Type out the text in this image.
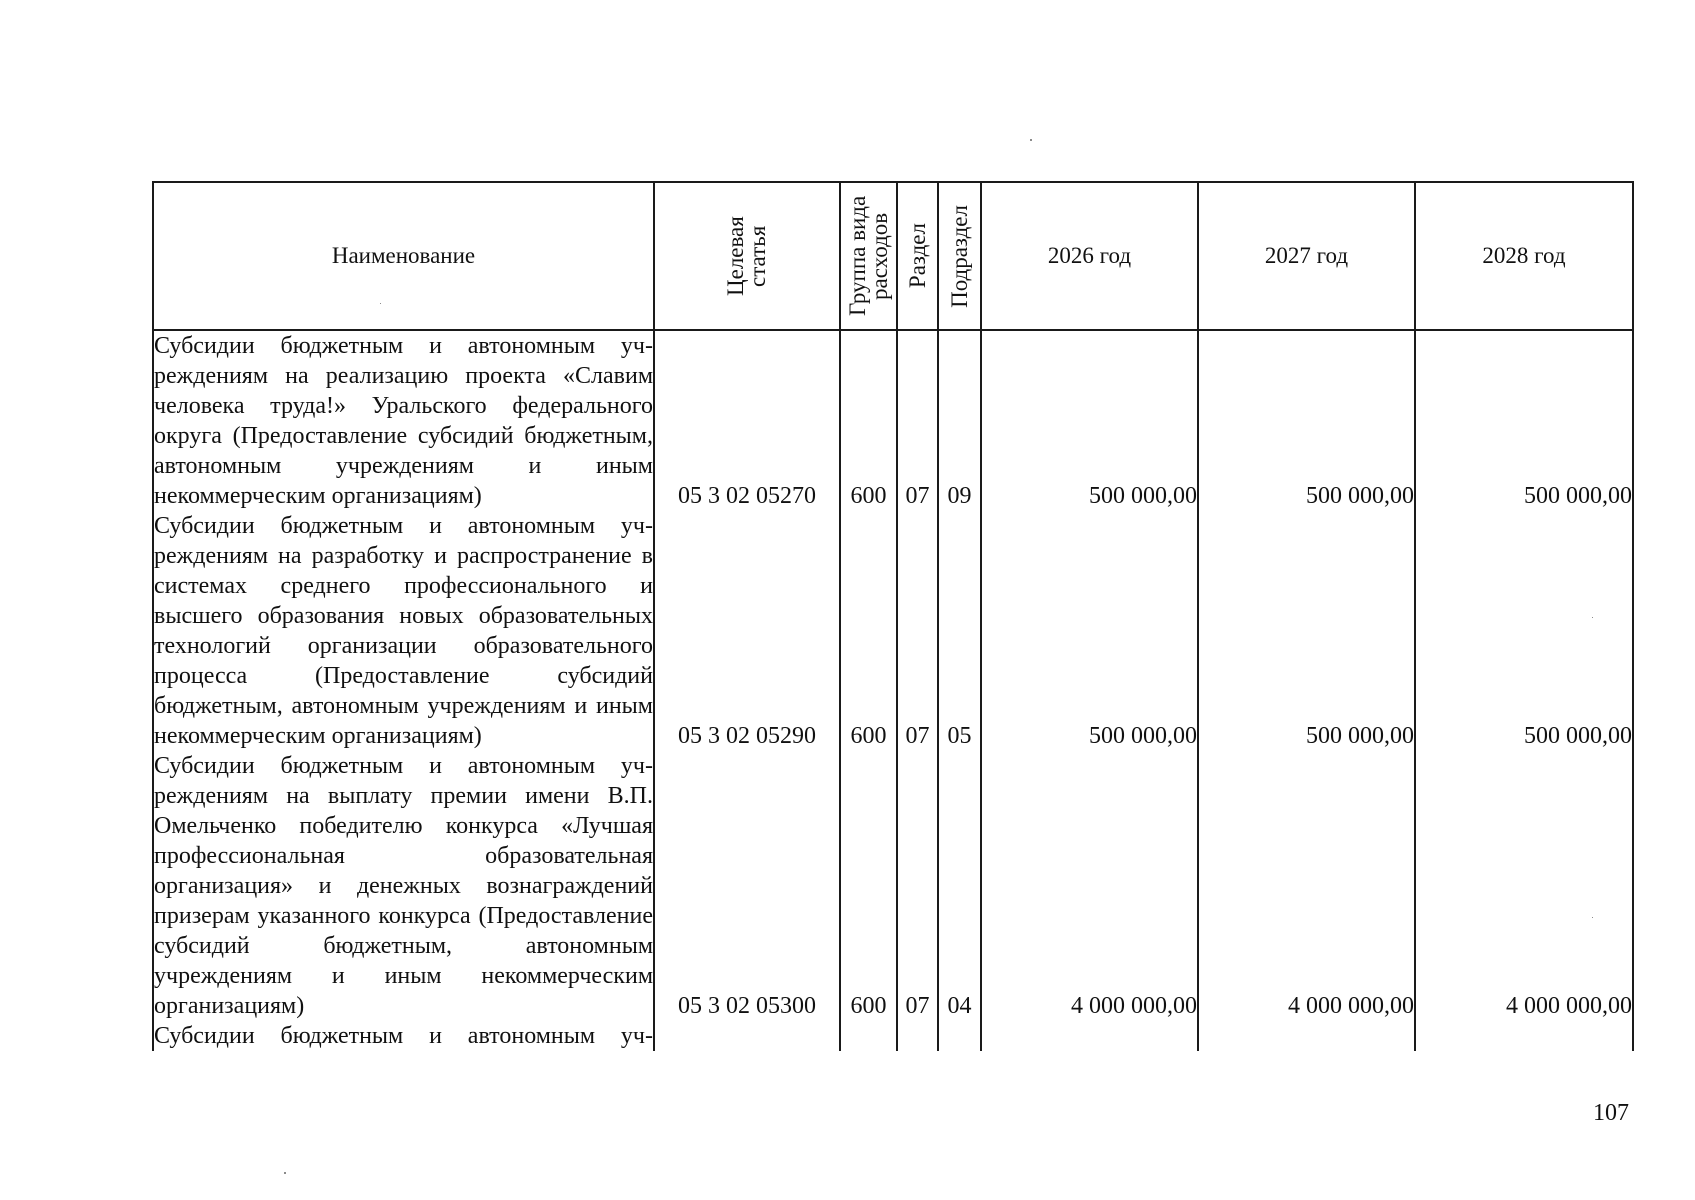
Наименование	Целевая статья	Группа вида расходов	Раздел	Подраздел	2026 год	2027 год	2028 год
Субсидии бюджетным и автономным учреждениям на реализацию проекта «Славим человека труда!» Уральского федерального округа (Предоставление субсидий бюджетным, автономным учреждениям и иным некоммерческим организациям)	05 3 02 05270	600	07	09	500 000,00	500 000,00	500 000,00
Субсидии бюджетным и автономным учреждениям на разработку и распространение в системах среднего профессионального и высшего образования новых образовательных технологий организации образовательного процесса (Предоставление субсидий бюджетным, автономным учреждениям и иным некоммерческим организациям)	05 3 02 05290	600	07	05	500 000,00	500 000,00	500 000,00
Субсидии бюджетным и автономным учреждениям на выплату премии имени В.П. Омельченко победителю конкурса «Лучшая профессиональная образовательная организация» и денежных вознаграждений призерам указанного конкурса (Предоставление субсидий бюджетным, автономным учреждениям и иным некоммерческим организациям)	05 3 02 05300	600	07	04	4 000 000,00	4 000 000,00	4 000 000,00
Субсидии бюджетным и автономным уч-							
107
